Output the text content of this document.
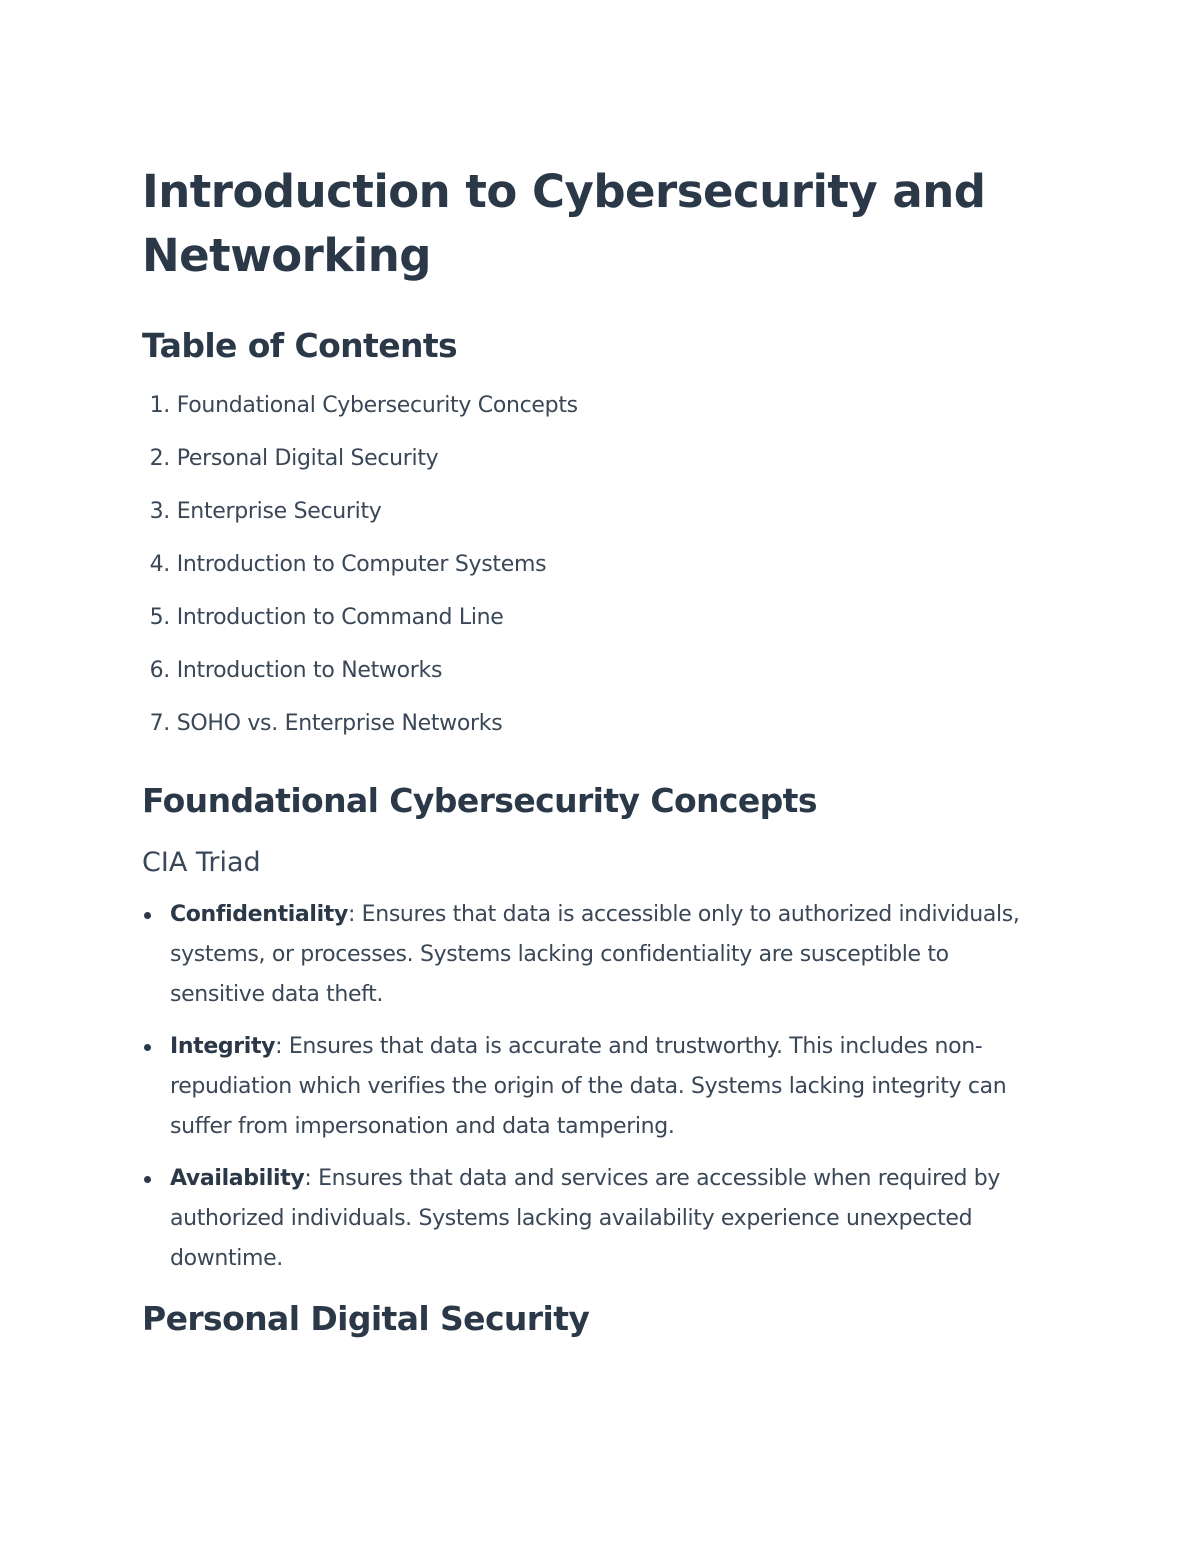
Introduction to Cybersecurity and Networking
Table of Contents
1. Foundational Cybersecurity Concepts
2. Personal Digital Security
3. Enterprise Security
4. Introduction to Computer Systems
5. Introduction to Command Line
6. Introduction to Networks
7. SOHO vs. Enterprise Networks
Foundational Cybersecurity Concepts
CIA Triad
Confidentiality: Ensures that data is accessible only to authorized individuals, systems, or processes. Systems lacking confidentiality are susceptible to sensitive data theft.
Integrity: Ensures that data is accurate and trustworthy. This includes non-repudiation which verifies the origin of the data. Systems lacking integrity can suffer from impersonation and data tampering.
Availability: Ensures that data and services are accessible when required by authorized individuals. Systems lacking availability experience unexpected downtime.
Personal Digital Security
